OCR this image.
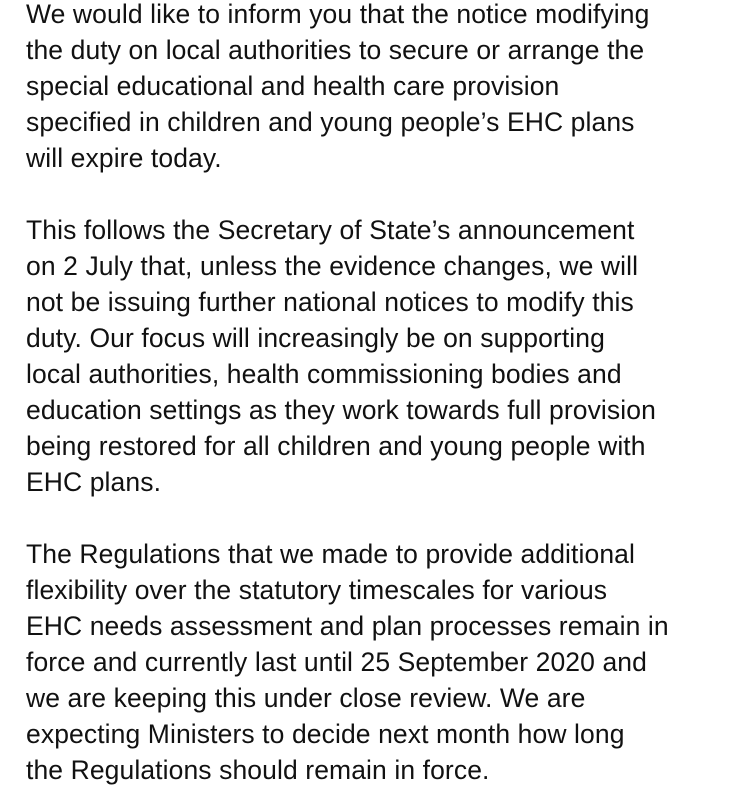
We would like to inform you that the notice modifying

the duty on local authorities to secure or arrange the

special educational and health care provision

specified in children and young people’s EHC plans

will expire today.

This follows the Secretary of State’s announcement

on 2 July that, unless the evidence changes, we will

not be issuing further national notices to modify this

duty. Our focus will increasingly be on supporting

local authorities, health commissioning bodies and

education settings as they work towards full provision

being restored for all children and young people with

EHC plans.

The Regulations that we made to provide additional

flexibility over the statutory timescales for various

EHC needs assessment and plan processes remain in

force and currently last until 25 September 2020 and

we are keeping this under close review. We are

expecting Ministers to decide next month how long

the Regulations should remain in force.
